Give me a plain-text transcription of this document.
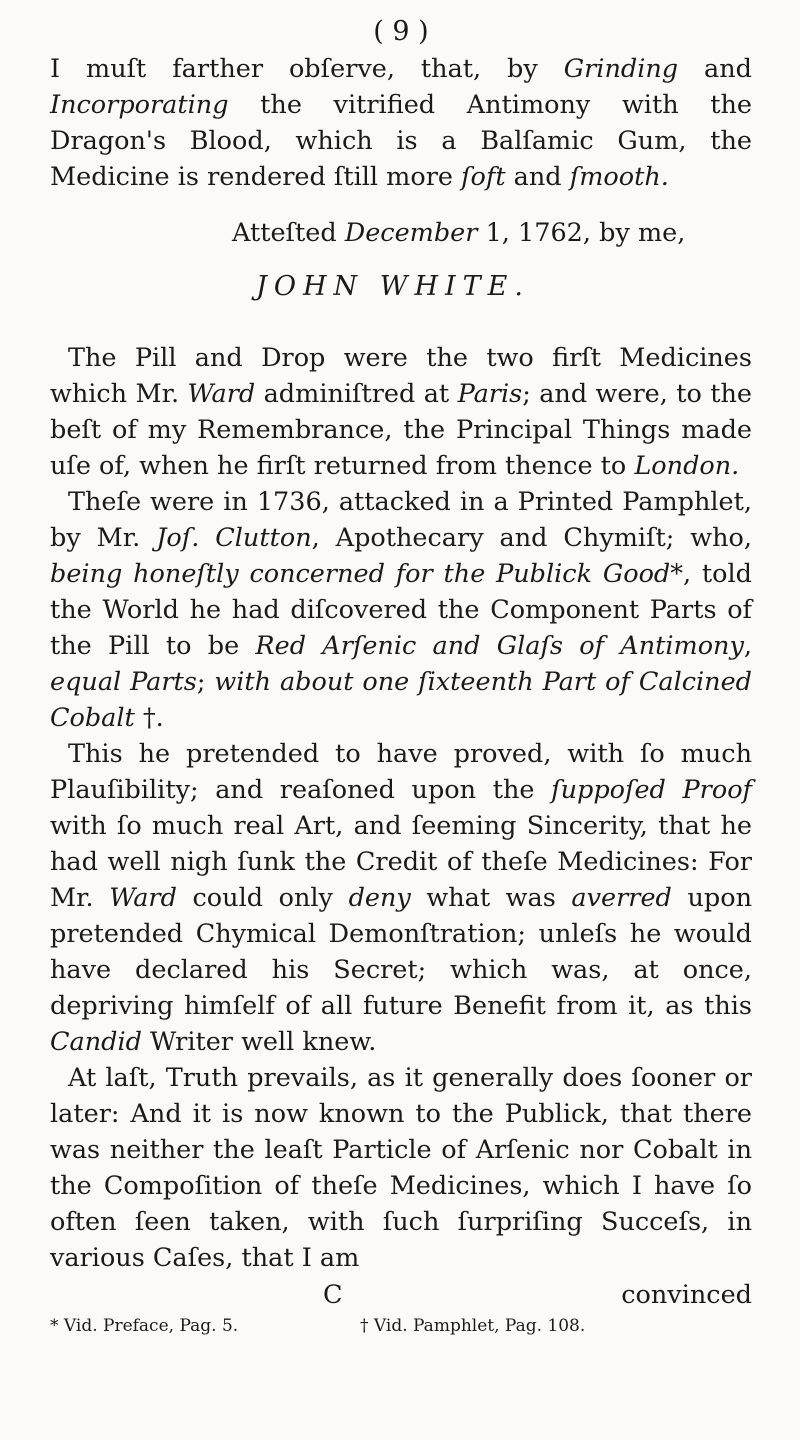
( 9 )

I muſt farther obſerve, that, by Grinding and Incorporating the vitrified Antimony with the Dragon's Blood, which is a Balſamic Gum, the Medicine is rendered ſtill more ſoft and ſmooth.

Atteſted December 1, 1762, by me,

JOHN WHITE.

The Pill and Drop were the two firſt Medicines which Mr. Ward adminiſtred at Paris; and were, to the beſt of my Remembrance, the Principal Things made uſe of, when he firſt returned from thence to London.

Theſe were in 1736, attacked in a Printed Pamphlet, by Mr. Joſ. Clutton, Apothecary and Chymiſt; who, being honeſtly concerned for the Publick Good*, told the World he had diſcovered the Component Parts of the Pill to be Red Arſenic and Glaſs of Antimony, equal Parts; with about one ſixteenth Part of Calcined Cobalt †.

This he pretended to have proved, with ſo much Plauſibility; and reaſoned upon the ſuppoſed Proof with ſo much real Art, and ſeeming Sincerity, that he had well nigh ſunk the Credit of theſe Medicines: For Mr. Ward could only deny what was averred upon pretended Chymical Demonſtration; unleſs he would have declared his Secret; which was, at once, depriving himſelf of all future Benefit from it, as this Candid Writer well knew.

At laſt, Truth prevails, as it generally does ſooner or later: And it is now known to the Publick, that there was neither the leaſt Particle of Arſenic nor Cobalt in the Compoſition of theſe Medicines, which I have ſo often ſeen taken, with ſuch ſurpriſing Succeſs, in various Caſes, that I am

C	convinced
* Vid. Preface, Pag. 5.	† Vid. Pamphlet, Pag. 108.
